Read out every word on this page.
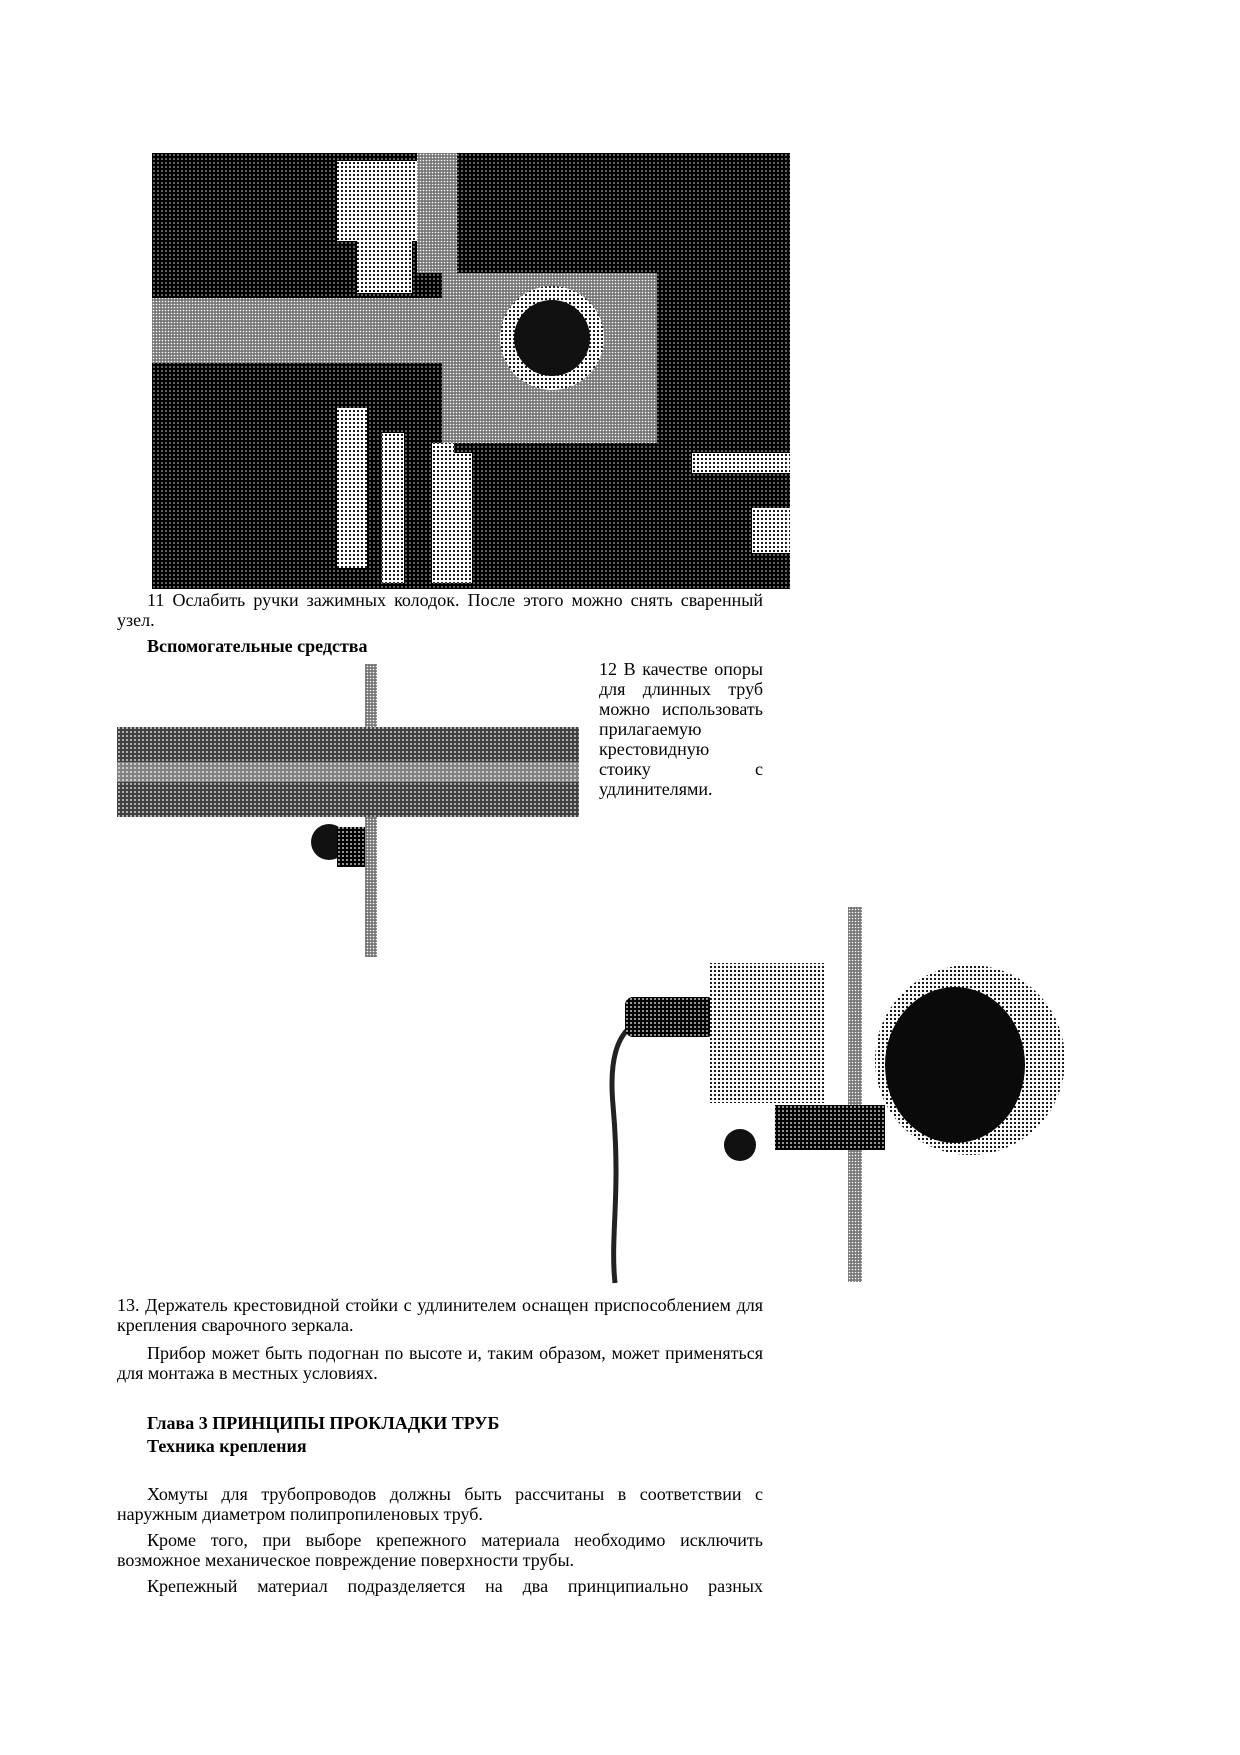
11 Ослабить ручки зажимных колодок. После этого можно снять сваренный узел.

Вспомогательные средства
12 В качестве опоры для длинных труб можно использовать прилагаемую крестовидную стоику с удлинителями.

13. Держатель крестовидной стойки с удлинителем оснащен приспособлением для крепления сварочного зеркала.

Прибор может быть подогнан по высоте и, таким образом, может применяться для монтажа в местных условиях.

Глава 3 ПРИНЦИПЫ ПРОКЛАДКИ ТРУБ
Техника крепления

Хомуты для трубопроводов должны быть рассчитаны в соответствии с наружным диаметром полипропиленовых труб.

Кроме того, при выборе крепежного материала необходимо исключить возможное механическое повреждение поверхности трубы.

Крепежный материал подразделяется на два принципиально разных
